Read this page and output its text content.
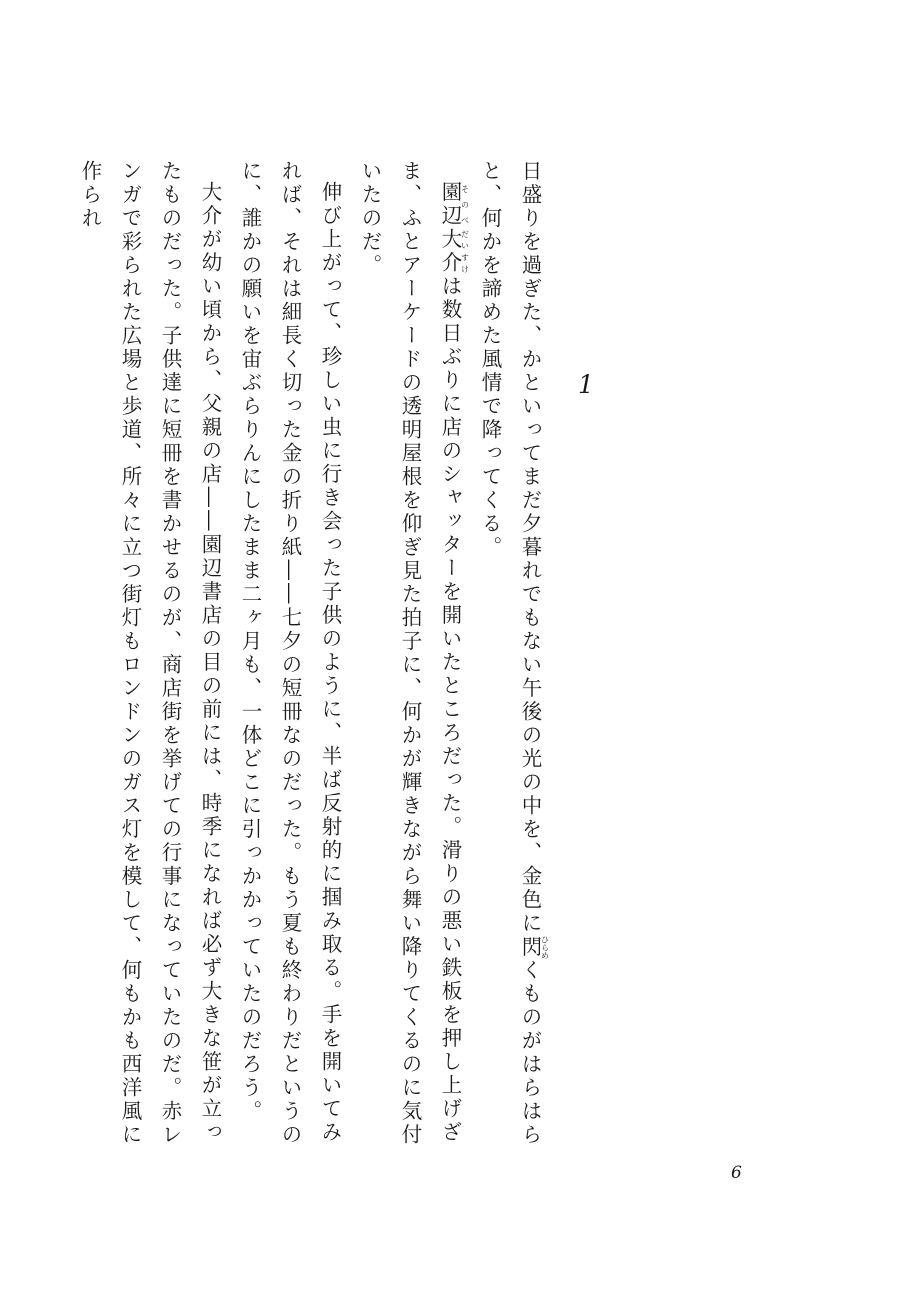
1

日盛りを過ぎた、かといってまだ夕暮れでもない午後の光の中を、金色に閃ひらめくものがはらはらと、何かを諦めた風情で降ってくる。

園辺そのべ大介だいすけは数日ぶりに店のシャッターを開いたところだった。滑りの悪い鉄板を押し上げざま、ふとアーケードの透明屋根を仰ぎ見た拍子に、何かが輝きながら舞い降りてくるのに気付いたのだ。

伸び上がって、珍しい虫に行き会った子供のように、半ば反射的に掴み取る。手を開いてみれば、それは細長く切った金の折り紙――七夕の短冊なのだった。もう夏も終わりだというのに、誰かの願いを宙ぶらりんにしたまま二ヶ月も、一体どこに引っかかっていたのだろう。

大介が幼い頃から、父親の店――園辺書店の目の前には、時季になれば必ず大きな笹が立ったものだった。子供達に短冊を書かせるのが、商店街を挙げての行事になっていたのだ。赤レンガで彩られた広場と歩道、所々に立つ街灯もロンドンのガス灯を模して、何もかも西洋風に作られ

6
